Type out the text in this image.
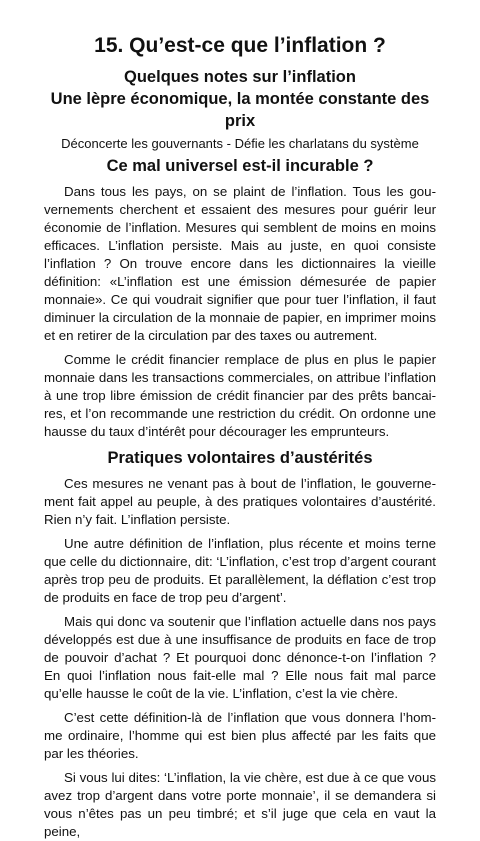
15. Qu’est-ce que l’inflation ?
Quelques notes sur l’inflation
Une lèpre économique, la montée constante des prix
Déconcerte les gouvernants - Défie les charlatans du système
Ce mal universel est-il incurable ?

Dans tous les pays, on se plaint de l’inflation. Tous les gouvernements cherchent et essaient des mesures pour guérir leur économie de l’inflation. Mesures qui semblent de moins en moins efficaces. L’inflation persiste. Mais au juste, en quoi consiste l’inflation ? On trouve encore dans les dictionnaires la vieille définition: «L’inflation est une émission démesurée de papier monnaie». Ce qui voudrait signifier que pour tuer l’inflation, il faut diminuer la circulation de la monnaie de papier, en imprimer moins et en retirer de la circulation par des taxes ou autrement.

Comme le crédit financier remplace de plus en plus le papier monnaie dans les transactions commerciales, on attribue l’inflation à une trop libre émission de crédit financier par des prêts bancaires, et l’on recommande une restriction du crédit. On ordonne une hausse du taux d’intérêt pour décourager les emprunteurs.

Pratiques volontaires d’austérités

Ces mesures ne venant pas à bout de l’inflation, le gouvernement fait appel au peuple, à des pratiques volontaires d’austérité. Rien n’y fait. L’inflation persiste.

Une autre définition de l’inflation, plus récente et moins terne que celle du dictionnaire, dit: ‘L’inflation, c’est trop d’argent courant après trop peu de produits. Et parallèlement, la déflation c’est trop de produits en face de trop peu d’argent’.

Mais qui donc va soutenir que l’inflation actuelle dans nos pays développés est due à une insuffisance de produits en face de trop de pouvoir d’achat ? Et pourquoi donc dénonce-t-on l’inflation ? En quoi l’inflation nous fait-elle mal ? Elle nous fait mal parce qu’elle hausse le coût de la vie. L’inflation, c’est la vie chère.

C’est cette définition-là de l’inflation que vous donnera l’homme ordinaire, l’homme qui est bien plus affecté par les faits que par les théories.

Si vous lui dites: ‘L’inflation, la vie chère, est due à ce que vous avez trop d’argent dans votre porte monnaie’, il se demandera si vous n’êtes pas un peu timbré; et s’il juge que cela en vaut la peine,
